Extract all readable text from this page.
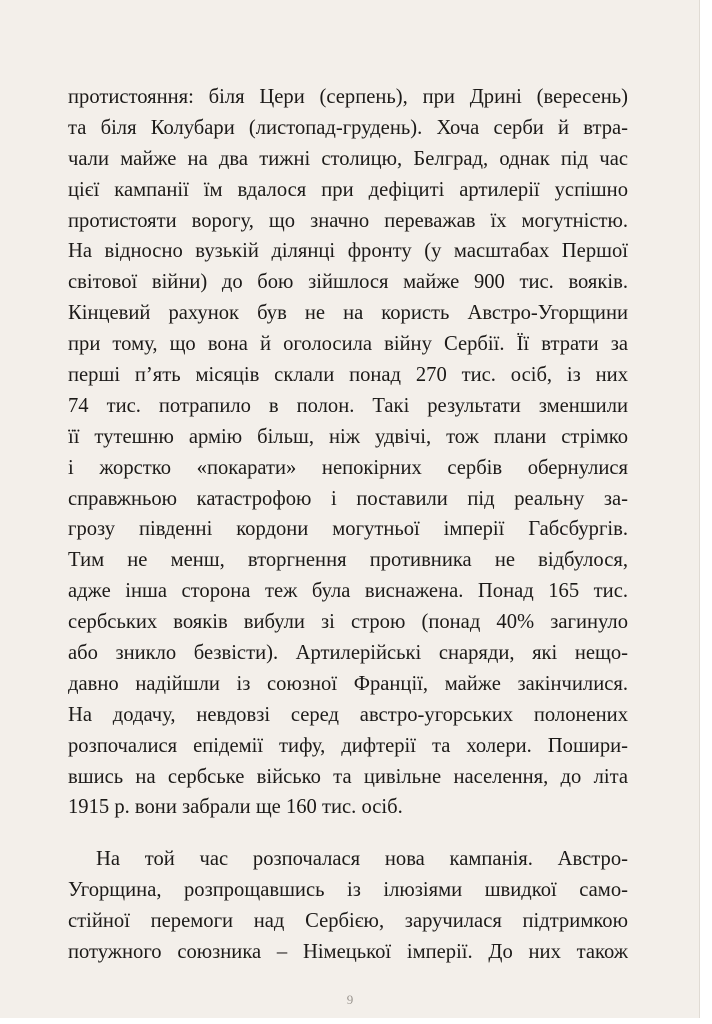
протистояння: біля Цери (серпень), при Дрині (вересень)
та біля Колубари (листопад-грудень). Хоча серби й втра-
чали майже на два тижні столицю, Белград, однак під час
цієї кампанії їм вдалося при дефіциті артилерії успішно
протистояти ворогу, що значно переважав їх могутністю.
На відносно вузькій ділянці фронту (у масштабах Першої
світової війни) до бою зійшлося майже 900 тис. вояків.
Кінцевий рахунок був не на користь Австро-Угорщини
при тому, що вона й оголосила війну Сербії. Її втрати за
перші п’ять місяців склали понад 270 тис. осіб, із них
74 тис. потрапило в полон. Такі результати зменшили
її тутешню армію більш, ніж удвічі, тож плани стрімко
і жорстко «покарати» непокірних сербів обернулися
справжньою катастрофою і поставили під реальну за-
грозу південні кордони могутньої імперії Габсбургів.
Тим не менш, вторгнення противника не відбулося,
адже інша сторона теж була виснажена. Понад 165 тис.
сербських вояків вибули зі строю (понад 40% загинуло
або зникло безвісти). Артилерійські снаряди, які нещо-
давно надійшли із союзної Франції, майже закінчилися.
На додачу, невдовзі серед австро-угорських полонених
розпочалися епідемії тифу, дифтерії та холери. Пошири-
вшись на сербське військо та цивільне населення, до літа
1915 р. вони забрали ще 160 тис. осіб.
На той час розпочалася нова кампанія. Австро-
Угорщина, розпрощавшись із ілюзіями швидкої само-
стійної перемоги над Сербією, заручилася підтримкою
потужного союзника – Німецької імперії. До них також

9
